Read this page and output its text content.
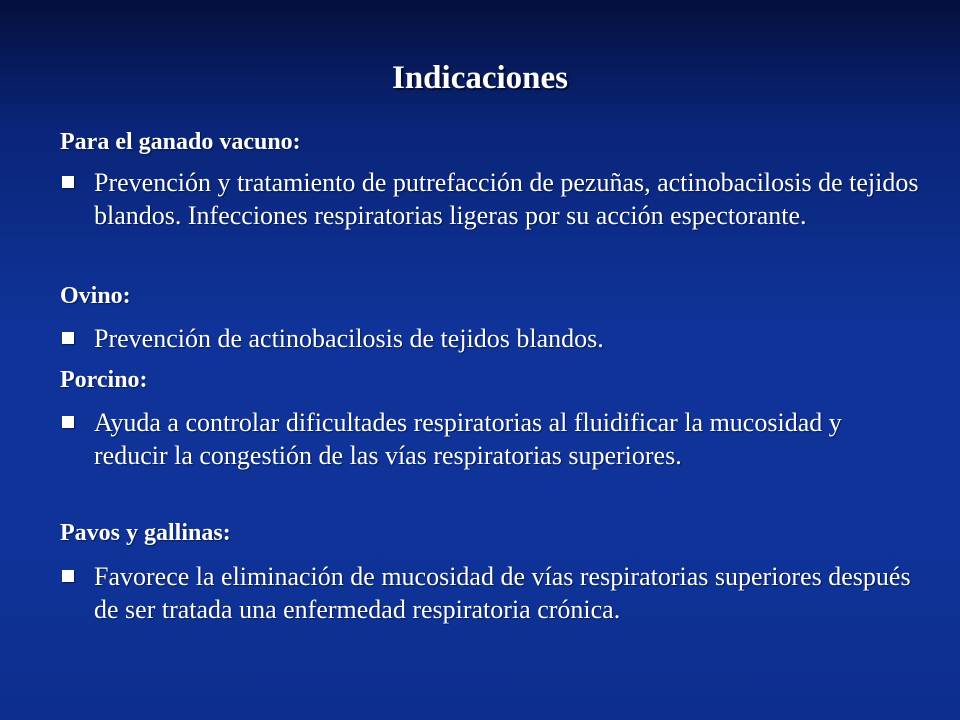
Indicaciones
Para el ganado vacuno:
Prevención y tratamiento de putrefacción de pezuñas, actinobacilosis de tejidos blandos. Infecciones respiratorias ligeras por su acción espectorante.
Ovino:
Prevención de actinobacilosis de tejidos blandos.
Porcino:
Ayuda a controlar dificultades respiratorias al fluidificar la mucosidad y reducir la congestión de las vías respiratorias superiores.
Pavos y gallinas:
Favorece la eliminación de mucosidad de vías respiratorias superiores después de ser tratada una enfermedad respiratoria crónica.
